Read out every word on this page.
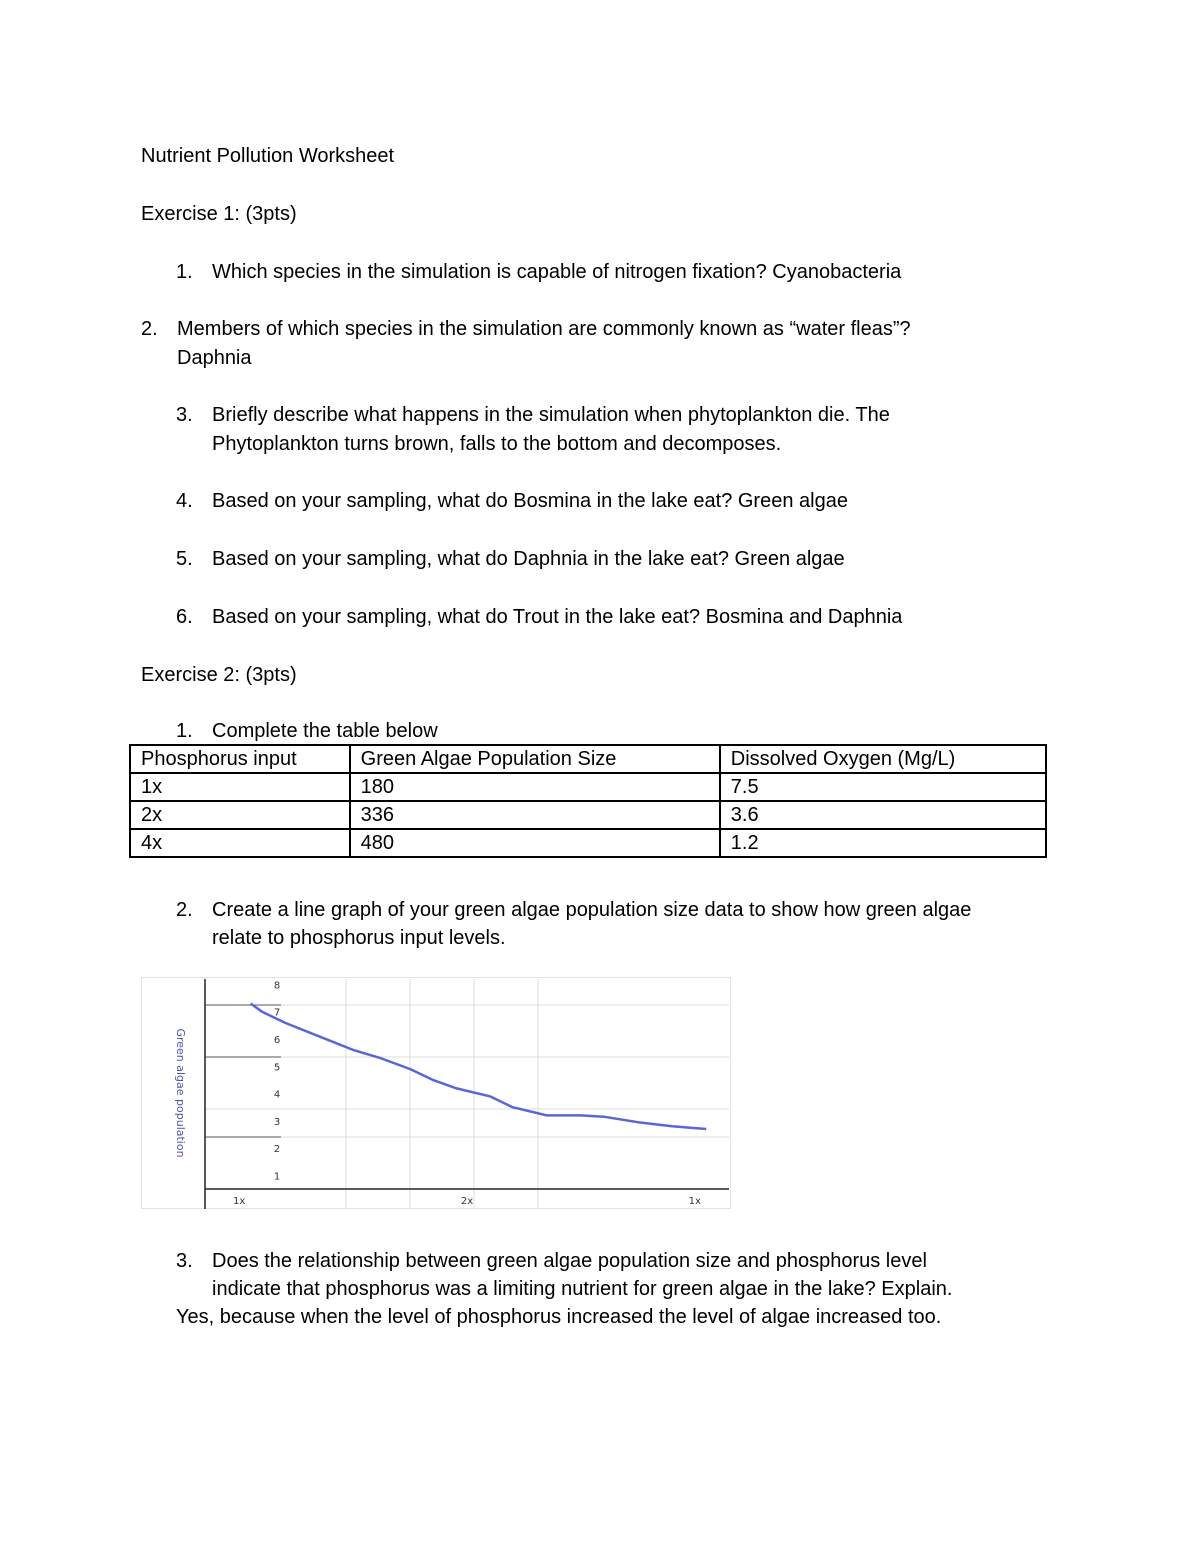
Nutrient Pollution Worksheet
Exercise 1: (3pts)
1. Which species in the simulation is capable of nitrogen fixation? Cyanobacteria
2. Members of which species in the simulation are commonly known as “water fleas”?
Daphnia
3. Briefly describe what happens in the simulation when phytoplankton die. The
Phytoplankton turns brown, falls to the bottom and decomposes.
4. Based on your sampling, what do Bosmina in the lake eat? Green algae
5. Based on your sampling, what do Daphnia in the lake eat? Green algae
6. Based on your sampling, what do Trout in the lake eat? Bosmina and Daphnia
Exercise 2: (3pts)
1. Complete the table below
Phosphorus input	Green Algae Population Size	Dissolved Oxygen (Mg/L)
1x	180	7.5
2x	336	3.6
4x	480	1.2
2. Create a line graph of your green algae population size data to show how green algae
relate to phosphorus input levels.
1
2
3
4
5
6
7
8
1x	2x	1x
Green algae population
3. Does the relationship between green algae population size and phosphorus level
indicate that phosphorus was a limiting nutrient for green algae in the lake? Explain.
Yes, because when the level of phosphorus increased the level of algae increased too.
